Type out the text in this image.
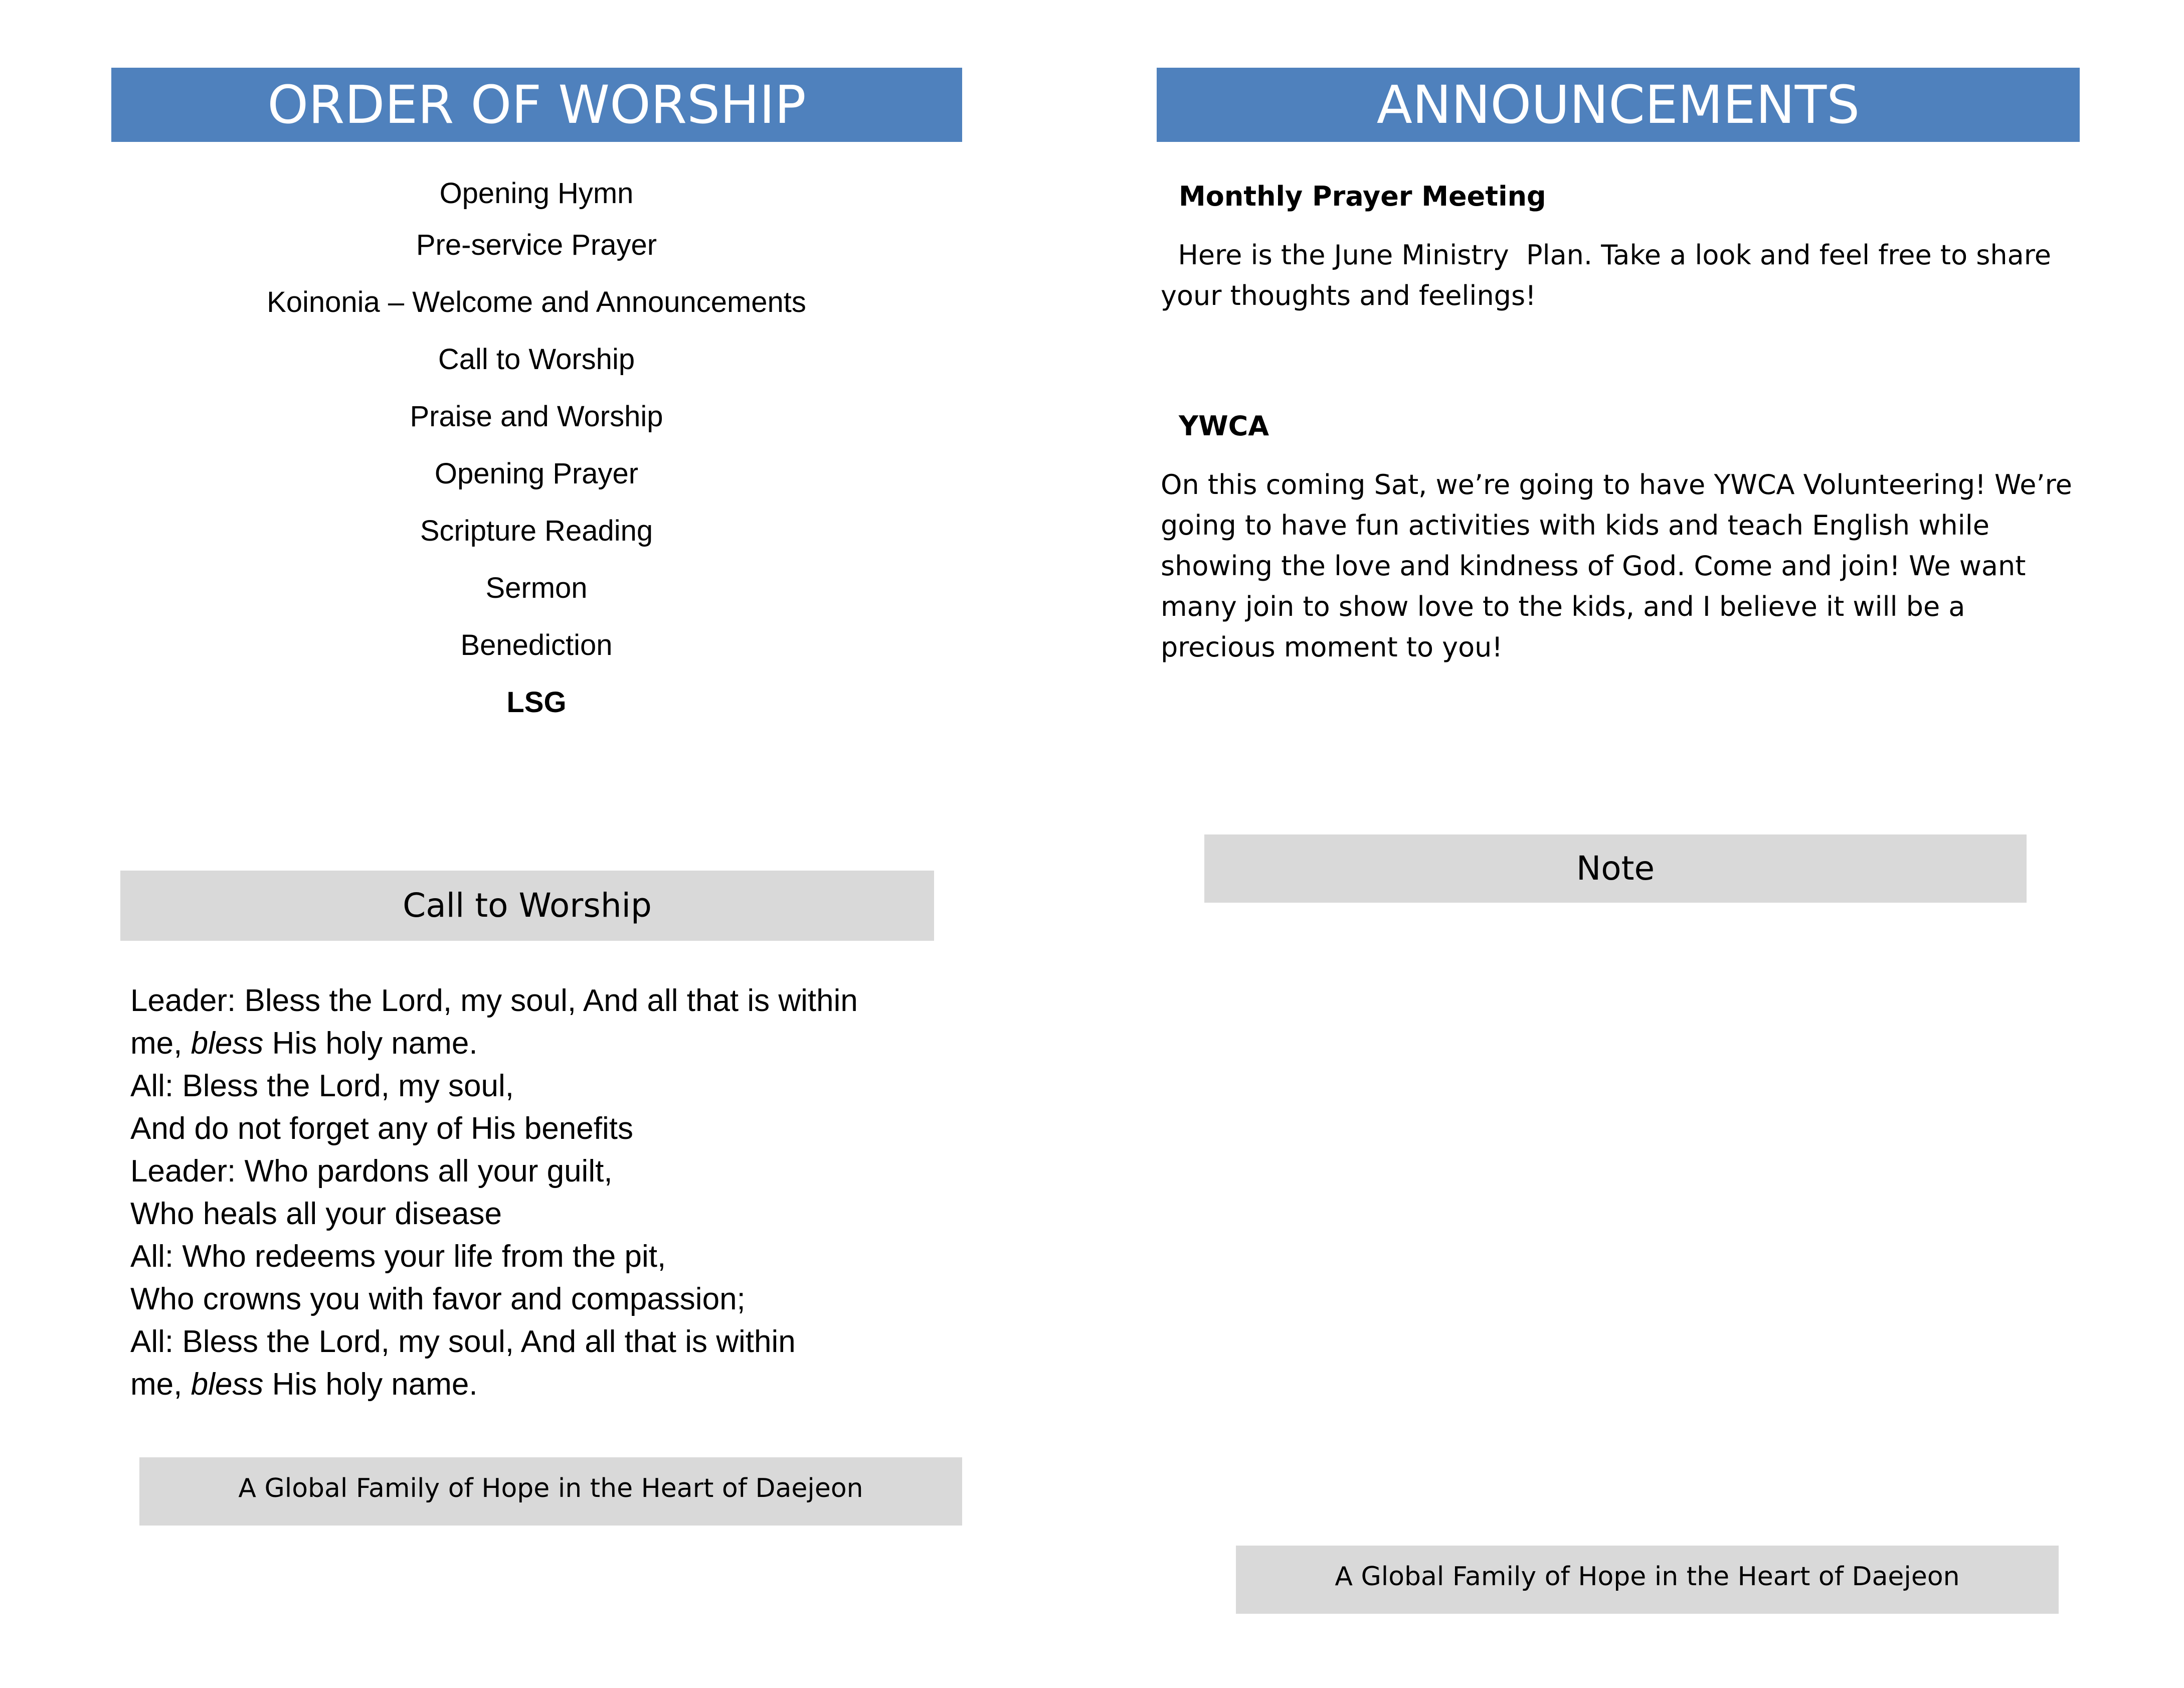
ORDER OF WORSHIP
Opening Hymn
Pre-service Prayer
Koinonia – Welcome and Announcements
Call to Worship
Praise and Worship
Opening Prayer
Scripture Reading
Sermon
Benediction
LSG
Call to Worship
Leader: Bless the Lord, my soul, And all that is within
me, bless His holy name.
All: Bless the Lord, my soul,
And do not forget any of His benefits
Leader: Who pardons all your guilt,
Who heals all your disease
All: Who redeems your life from the pit,
Who crowns you with favor and compassion;
All: Bless the Lord, my soul, And all that is within
me, bless His holy name.
A Global Family of Hope in the Heart of Daejeon
ANNOUNCEMENTS
Monthly Prayer Meeting
Here is the June Ministry  Plan. Take a look and feel free to share
your thoughts and feelings!
YWCA
On this coming Sat, we’re going to have YWCA Volunteering! We’re
going to have fun activities with kids and teach English while
showing the love and kindness of God. Come and join! We want
many join to show love to the kids, and I believe it will be a
precious moment to you!
Note
A Global Family of Hope in the Heart of Daejeon
